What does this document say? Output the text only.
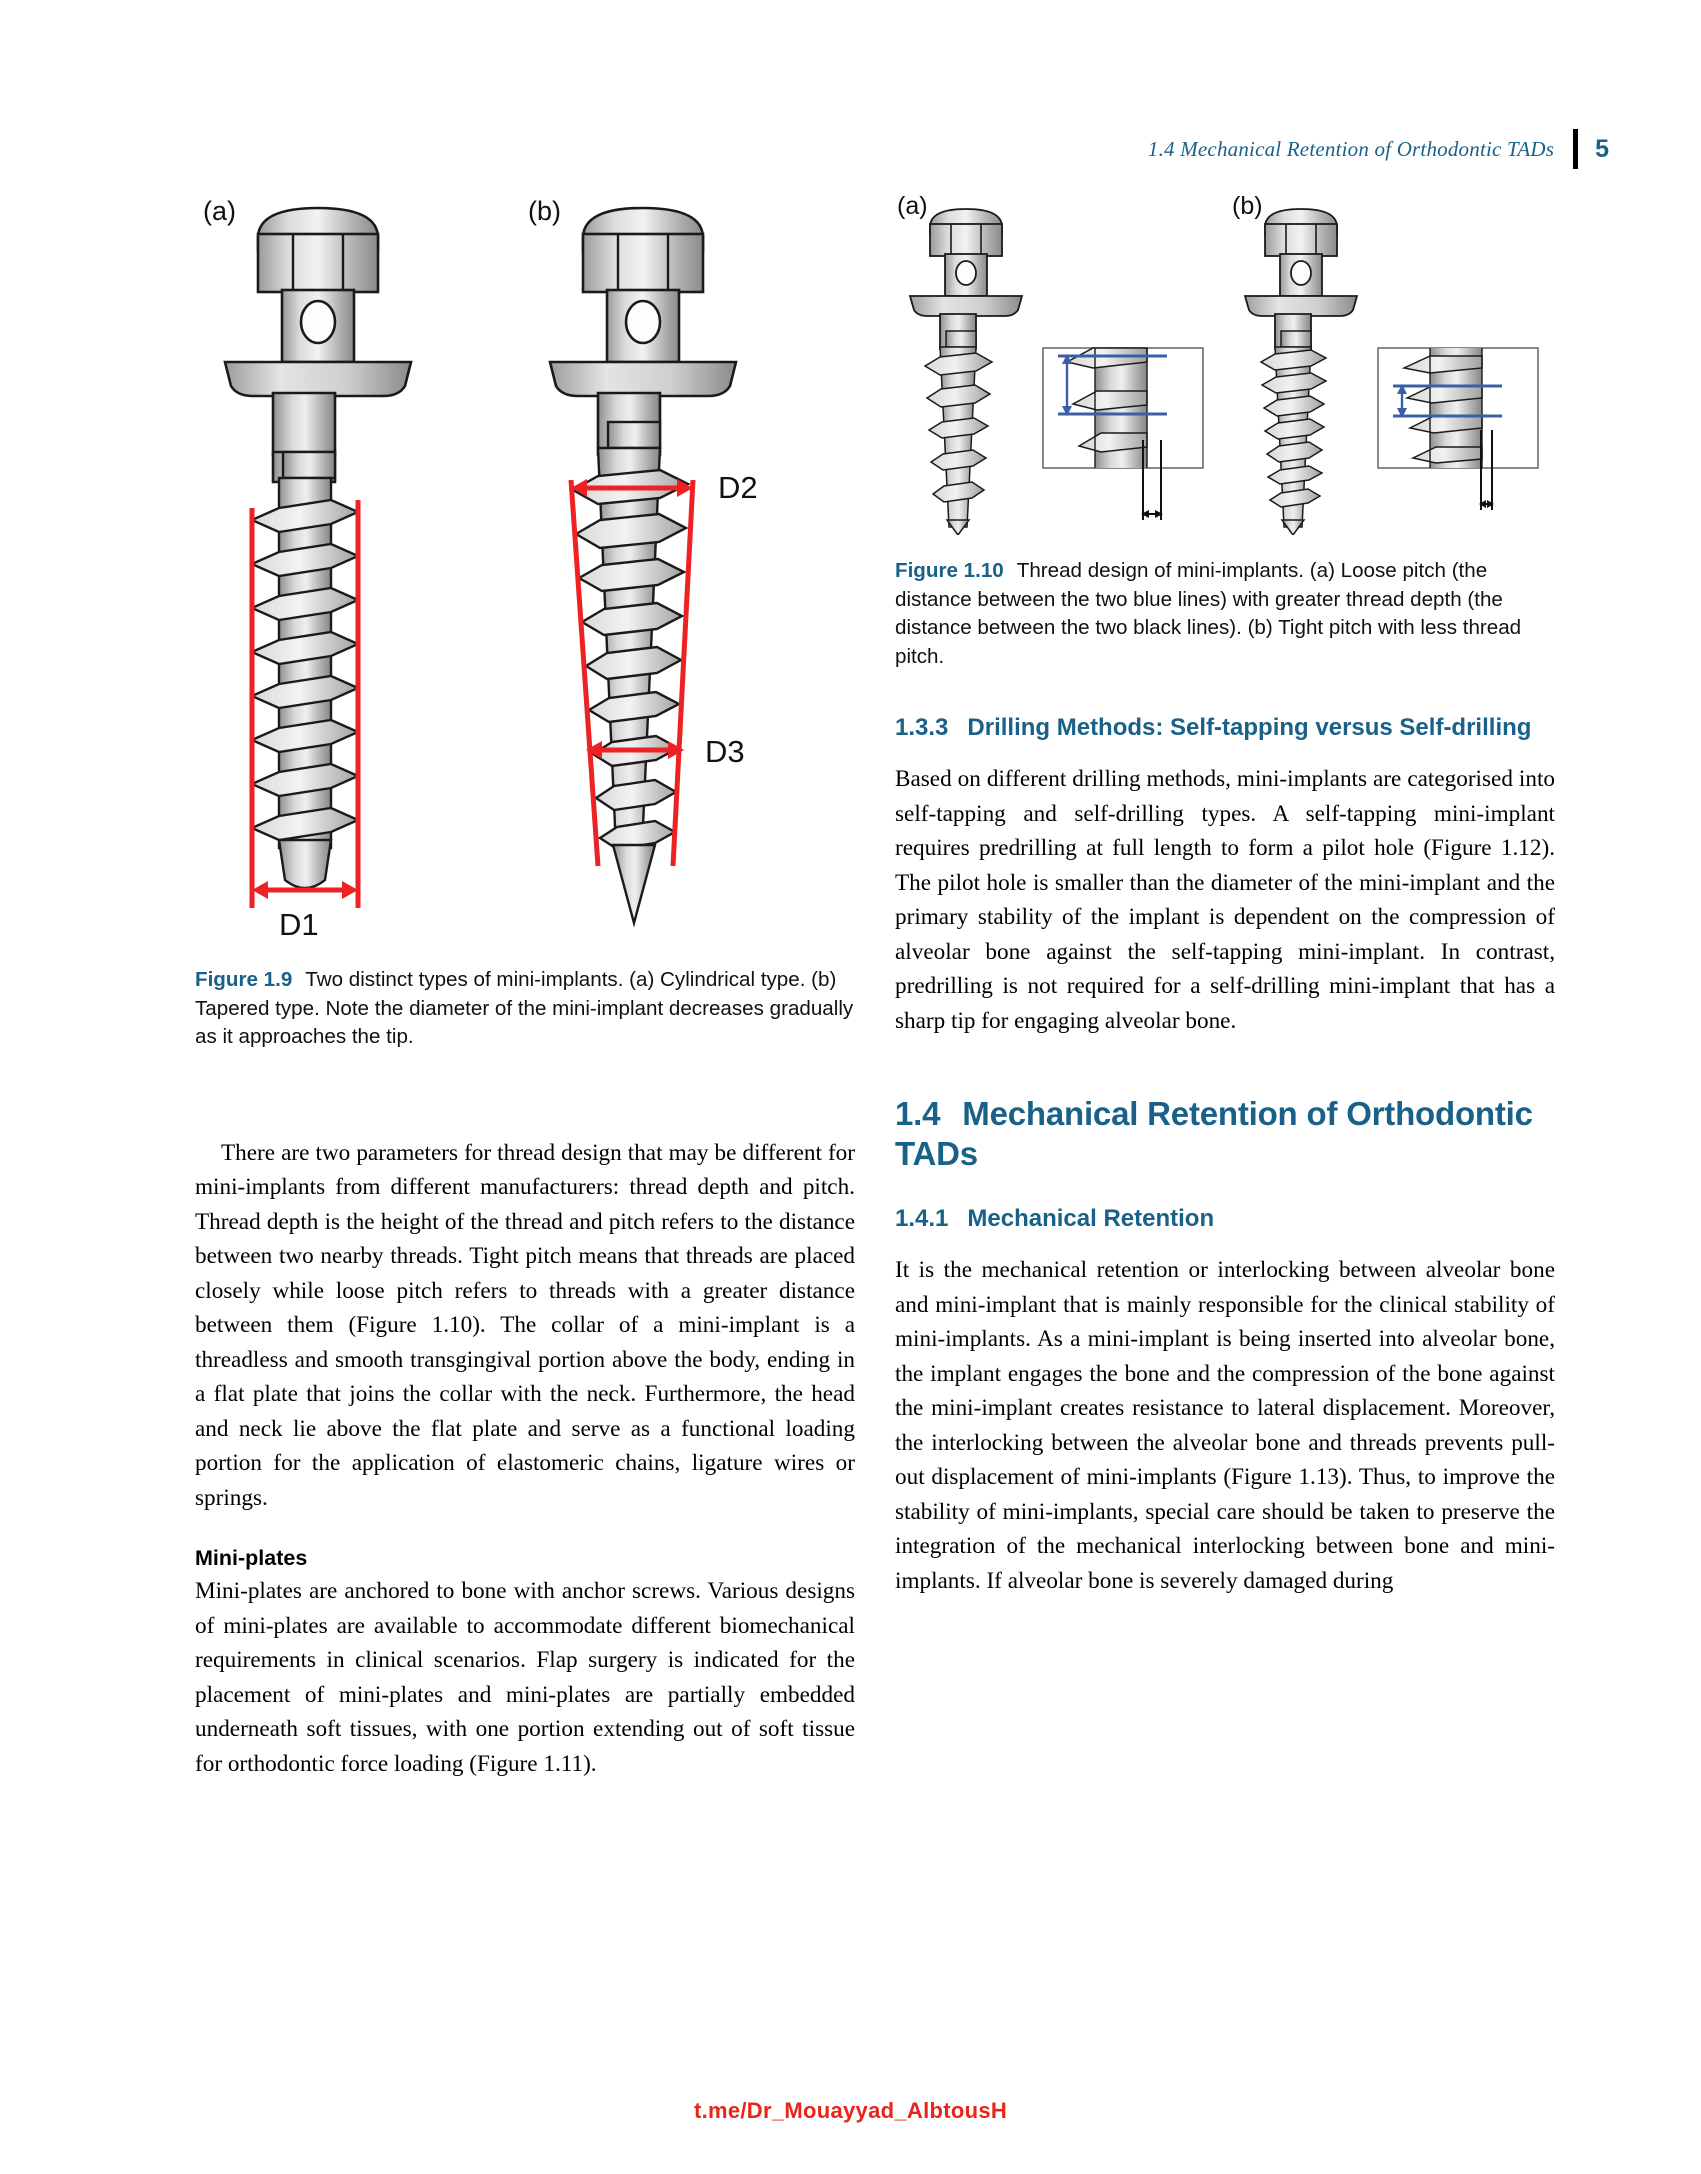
1.4 Mechanical Retention of Orthodontic TADs 5
(a)	(b)
D2
D3
D1

Figure 1.9 Two distinct types of mini-implants. (a) Cylindrical type. (b) Tapered type. Note the diameter of the mini-implant decreases gradually as it approaches the tip.

There are two parameters for thread design that may be different for mini-implants from different manufacturers: thread depth and pitch. Thread depth is the height of the thread and pitch refers to the distance between two nearby threads. Tight pitch means that threads are placed closely while loose pitch refers to threads with a greater distance between them (Figure 1.10). The collar of a mini-implant is a threadless and smooth transgingival portion above the body, ending in a flat plate that joins the collar with the neck. Furthermore, the head and neck lie above the flat plate and serve as a functional loading portion for the application of elastomeric chains, ligature wires or springs.

Mini-plates

Mini-plates are anchored to bone with anchor screws. Various designs of mini-plates are available to accommodate different biomechanical requirements in clinical scenarios. Flap surgery is indicated for the placement of mini-plates and mini-plates are partially embedded underneath soft tissues, with one portion extending out of soft tissue for orthodontic force loading (Figure 1.11).

(a)	(b)

Figure 1.10 Thread design of mini-implants. (a) Loose pitch (the distance between the two blue lines) with greater thread depth (the distance between the two black lines). (b) Tight pitch with less thread pitch.

1.3.3 Drilling Methods: Self-tapping versus Self-drilling

Based on different drilling methods, mini-implants are categorised into self-tapping and self-drilling types. A self-tapping mini-implant requires predrilling at full length to form a pilot hole (Figure 1.12). The pilot hole is smaller than the diameter of the mini-implant and the primary stability of the implant is dependent on the compression of alveolar bone against the self-tapping mini-implant. In contrast, predrilling is not required for a self-drilling mini-implant that has a sharp tip for engaging alveolar bone.

1.4 Mechanical Retention of Orthodontic TADs
1.4.1 Mechanical Retention

It is the mechanical retention or interlocking between alveolar bone and mini-implant that is mainly responsible for the clinical stability of mini-implants. As a mini-implant is being inserted into alveolar bone, the implant engages the bone and the compression of the bone against the mini-implant creates resistance to lateral displacement. Moreover, the interlocking between the alveolar bone and threads prevents pull-out displacement of mini-implants (Figure 1.13). Thus, to improve the stability of mini-implants, special care should be taken to preserve the integration of the mechanical interlocking between bone and mini-implants. If alveolar bone is severely damaged during

t.me/Dr_Mouayyad_AlbtousH
